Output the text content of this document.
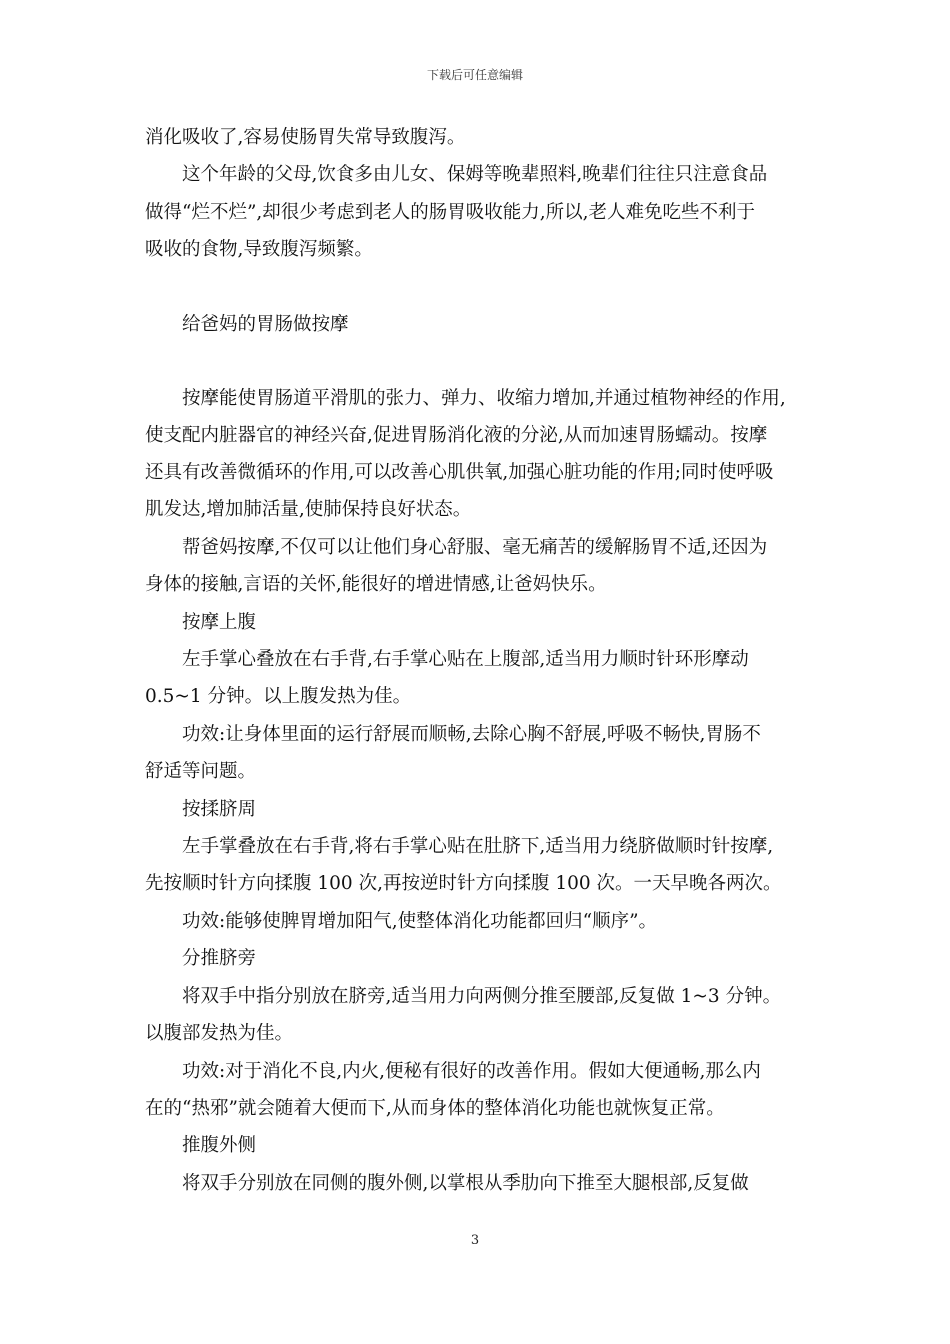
下载后可任意编辑
消化吸收了,容易使肠胃失常导致腹泻。
这个年龄的父母,饮食多由儿女、保姆等晚辈照料,晚辈们往往只注意食品
做得“烂不烂”,却很少考虑到老人的肠胃吸收能力,所以,老人难免吃些不利于
吸收的食物,导致腹泻频繁。
给爸妈的胃肠做按摩
按摩能使胃肠道平滑肌的张力、弹力、收缩力增加,并通过植物神经的作用,
使支配内脏器官的神经兴奋,促进胃肠消化液的分泌,从而加速胃肠蠕动。按摩
还具有改善微循环的作用,可以改善心肌供氧,加强心脏功能的作用;同时使呼吸
肌发达,增加肺活量,使肺保持良好状态。
帮爸妈按摩,不仅可以让他们身心舒服、毫无痛苦的缓解肠胃不适,还因为
身体的接触,言语的关怀,能很好的增进情感,让爸妈快乐。
按摩上腹
左手掌心叠放在右手背,右手掌心贴在上腹部,适当用力顺时针环形摩动
0.5~1 分钟。以上腹发热为佳。
功效:让身体里面的运行舒展而顺畅,去除心胸不舒展,呼吸不畅快,胃肠不
舒适等问题。
按揉脐周
左手掌叠放在右手背,将右手掌心贴在肚脐下,适当用力绕脐做顺时针按摩,
先按顺时针方向揉腹 100 次,再按逆时针方向揉腹 100 次。一天早晚各两次。
功效:能够使脾胃增加阳气,使整体消化功能都回归“顺序”。
分推脐旁
将双手中指分别放在脐旁,适当用力向两侧分推至腰部,反复做 1~3 分钟。
以腹部发热为佳。
功效:对于消化不良,内火,便秘有很好的改善作用。假如大便通畅,那么内
在的“热邪”就会随着大便而下,从而身体的整体消化功能也就恢复正常。
推腹外侧
将双手分别放在同侧的腹外侧,以掌根从季肋向下推至大腿根部,反复做
3
